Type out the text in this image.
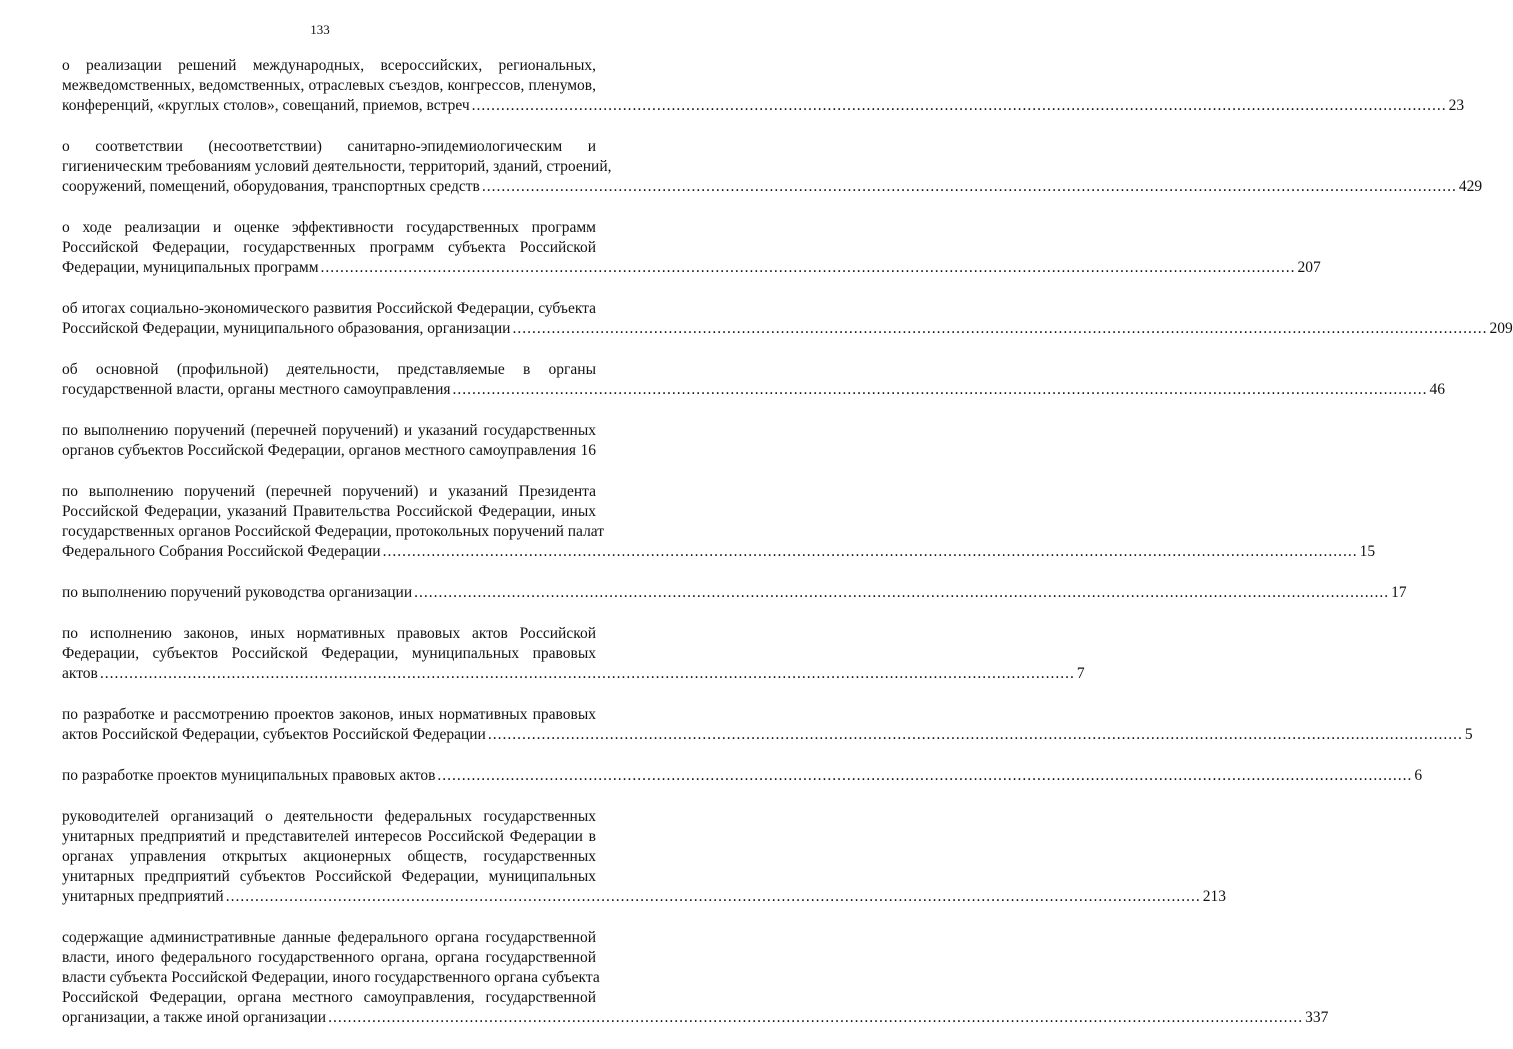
133
о реализации решений международных, всероссийских, региональных,
межведомственных, ведомственных, отраслевых съездов, конгрессов, пленумов,
конференций, «круглых столов», совещаний, приемов, встреч ........................................................................................................................................................................................................ 23
о соответствии (несоответствии) санитарно-эпидемиологическим и
гигиеническим требованиям условий деятельности, территорий, зданий, строений,
сооружений, помещений, оборудования, транспортных средств ........................................................................................................................................................................................................ 429
о ходе реализации и оценке эффективности государственных программ
Российской Федерации, государственных программ субъекта Российской
Федерации, муниципальных программ ........................................................................................................................................................................................................ 207
об итогах социально-экономического развития Российской Федерации, субъекта
Российской Федерации, муниципального образования, организации ........................................................................................................................................................................................................ 209
об основной (профильной) деятельности, представляемые в органы
государственной власти, органы местного самоуправления ........................................................................................................................................................................................................ 46
по выполнению поручений (перечней поручений) и указаний государственных
органов субъектов Российской Федерации, органов местного самоуправления 16
по выполнению поручений (перечней поручений) и указаний Президента
Российской Федерации, указаний Правительства Российской Федерации, иных
государственных органов Российской Федерации, протокольных поручений палат
Федерального Собрания Российской Федерации ........................................................................................................................................................................................................ 15
по выполнению поручений руководства организации ........................................................................................................................................................................................................ 17
по исполнению законов, иных нормативных правовых актов Российской
Федерации, субъектов Российской Федерации, муниципальных правовых
актов ........................................................................................................................................................................................................ 7
по разработке и рассмотрению проектов законов, иных нормативных правовых
актов Российской Федерации, субъектов Российской Федерации ........................................................................................................................................................................................................ 5
по разработке проектов муниципальных правовых актов ........................................................................................................................................................................................................ 6
руководителей организаций о деятельности федеральных государственных
унитарных предприятий и представителей интересов Российской Федерации в
органах управления открытых акционерных обществ, государственных
унитарных предприятий субъектов Российской Федерации, муниципальных
унитарных предприятий ........................................................................................................................................................................................................ 213
содержащие административные данные федерального органа государственной
власти, иного федерального государственного органа, органа государственной
власти субъекта Российской Федерации, иного государственного органа субъекта
Российской Федерации, органа местного самоуправления, государственной
организации, а также иной организации ........................................................................................................................................................................................................ 337
